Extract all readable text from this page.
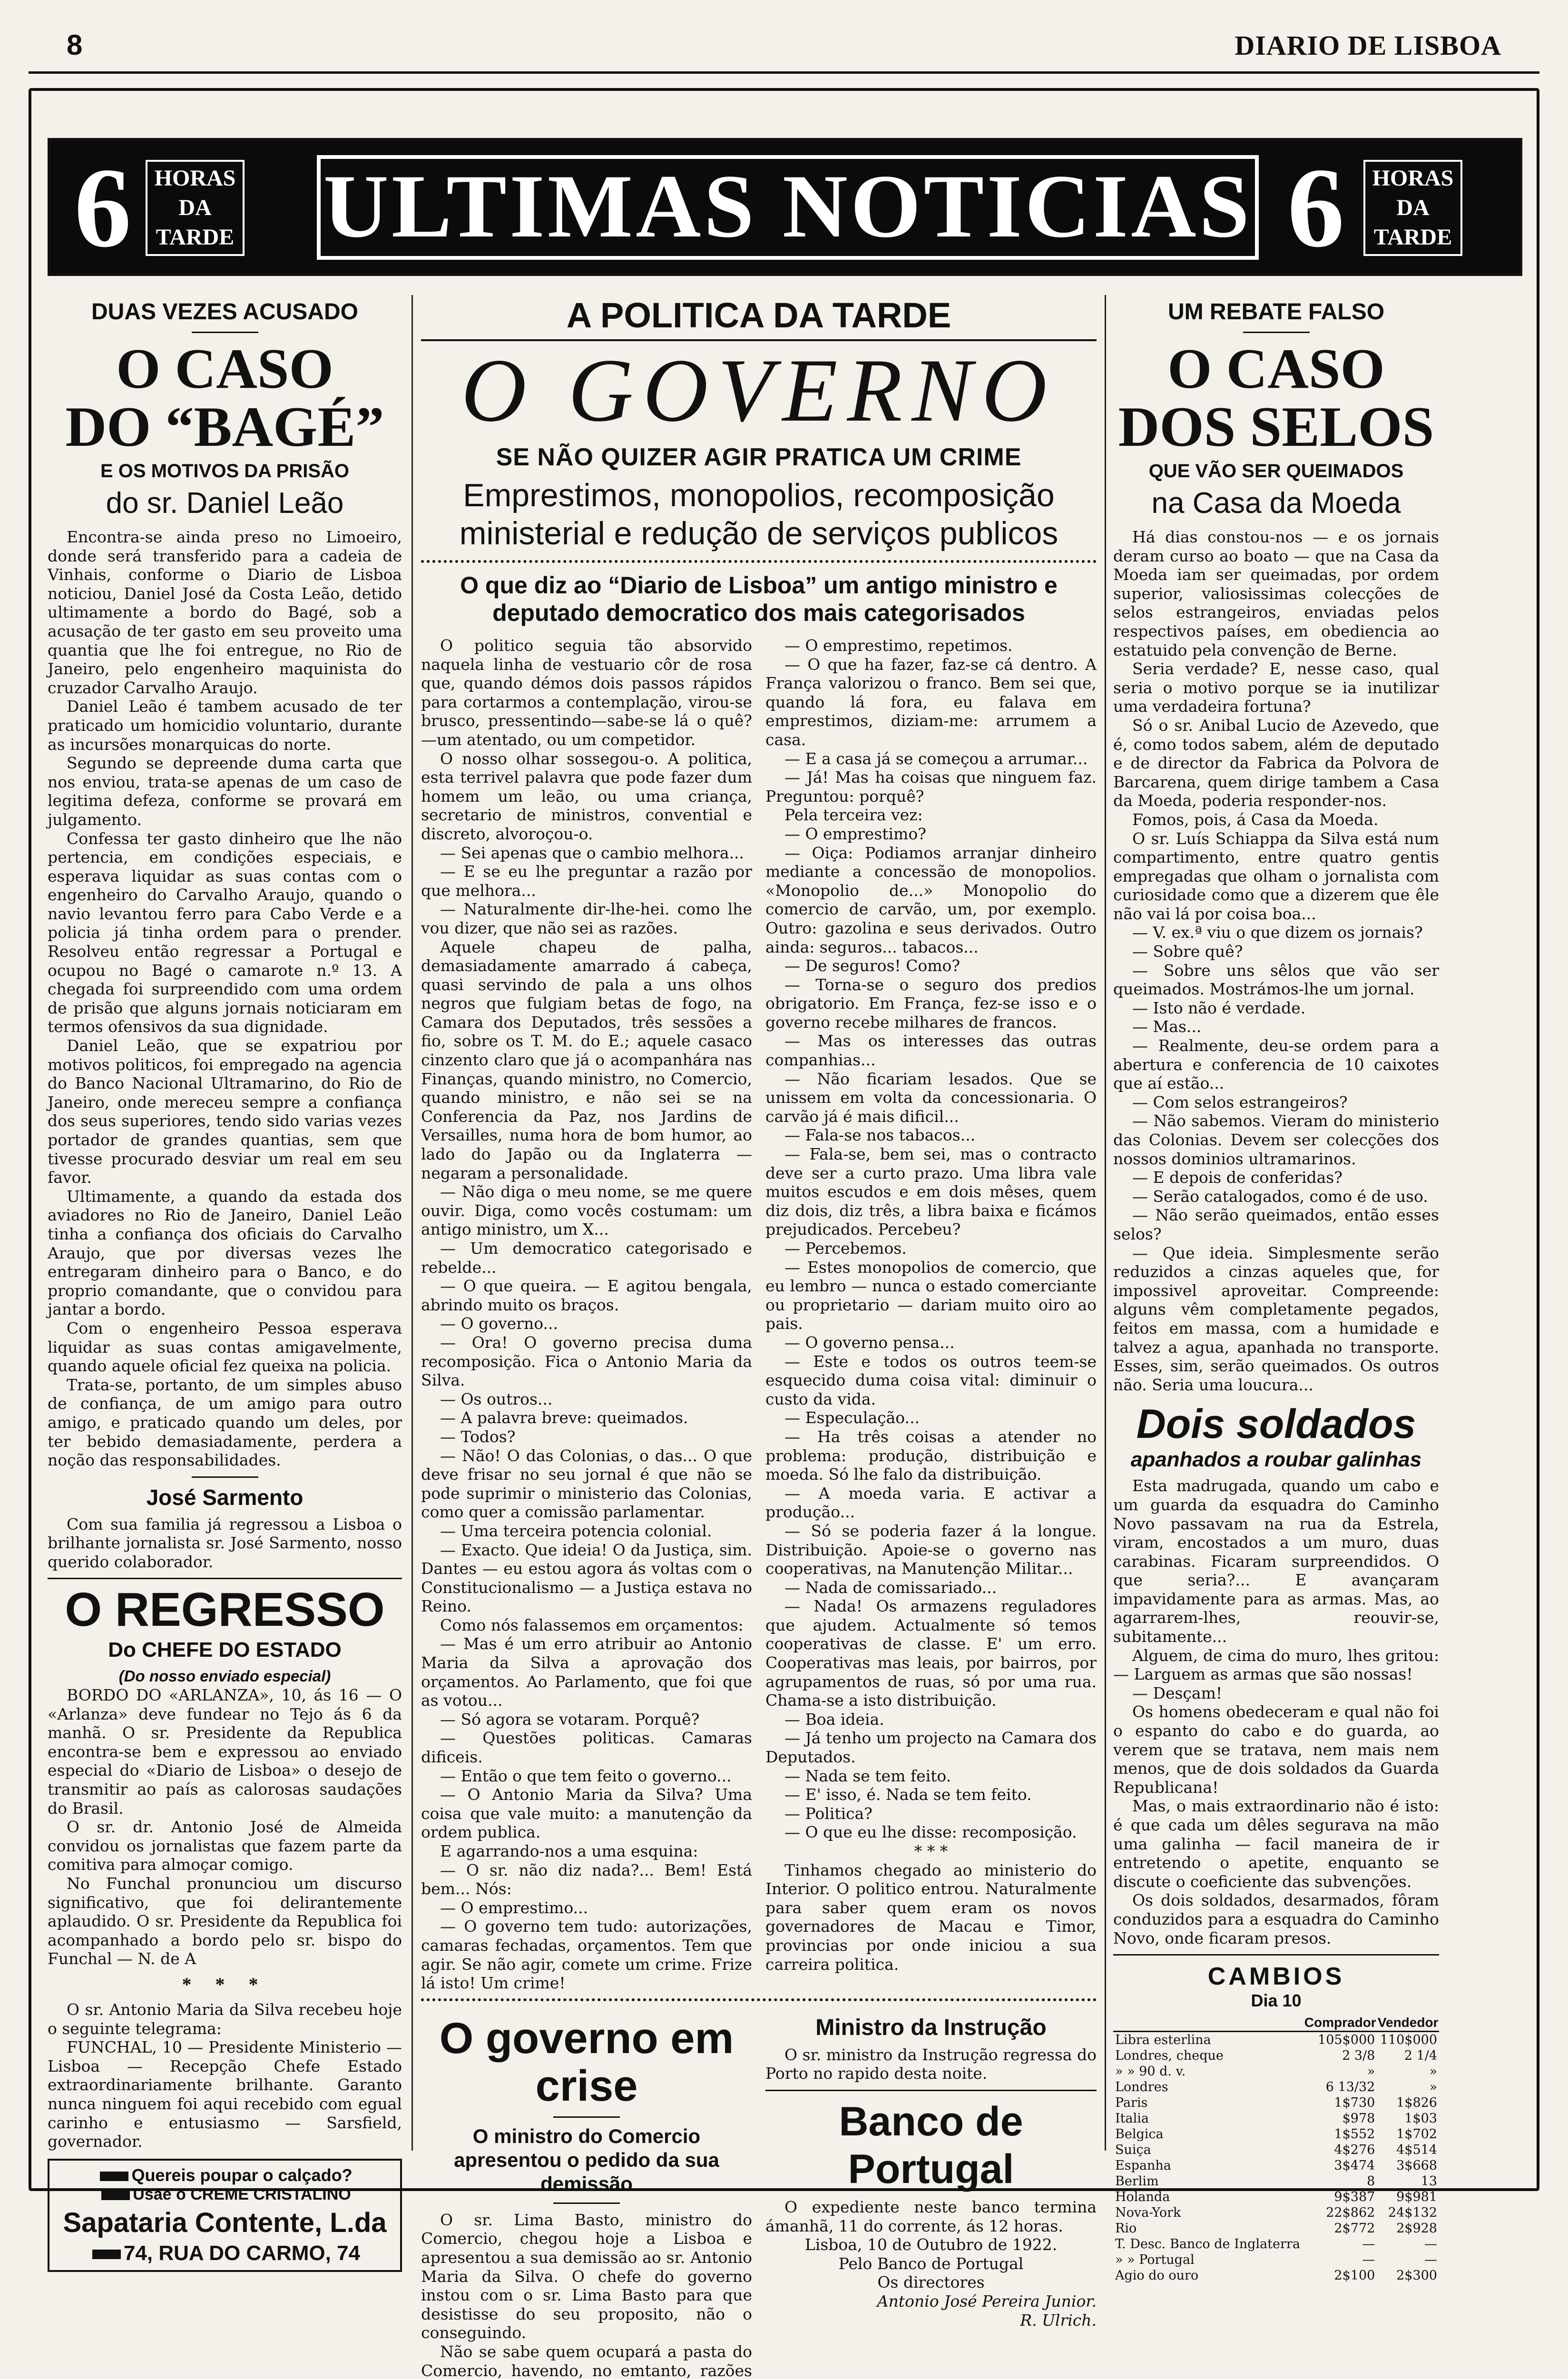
8	DIARIO DE LISBOA
6	HORAS
DA
TARDE ULTIMAS NOTICIAS 6	HORAS
DA
TARDE
DUAS VEZES ACUSADO
O CASO
DO “BAGÉ”
E OS MOTIVOS DA PRISÃO
do sr. Daniel Leão

Encontra-se ainda preso no Limoeiro, donde será transferido para a cadeia de Vinhais, conforme o Diario de Lisboa noticiou, Daniel José da Costa Leão, detido ultimamente a bordo do Bagé, sob a acusação de ter gasto em seu proveito uma quantia que lhe foi entregue, no Rio de Janeiro, pelo engenheiro maquinista do cruzador Carvalho Araujo.

Daniel Leão é tambem acusado de ter praticado um homicidio voluntario, durante as incursões monarquicas do norte.

Segundo se depreende duma carta que nos enviou, trata-se apenas de um caso de legitima defeza, conforme se provará em julgamento.

Confessa ter gasto dinheiro que lhe não pertencia, em condições especiais, e esperava liquidar as suas contas com o engenheiro do Carvalho Araujo, quando o navio levantou ferro para Cabo Verde e a policia já tinha ordem para o prender. Resolveu então regressar a Portugal e ocupou no Bagé o camarote n.º 13. A chegada foi surpreendido com uma ordem de prisão que alguns jornais noticiaram em termos ofensivos da sua dignidade.

Daniel Leão, que se expatriou por motivos politicos, foi empregado na agencia do Banco Nacional Ultramarino, do Rio de Janeiro, onde mereceu sempre a confiança dos seus superiores, tendo sido varias vezes portador de grandes quantias, sem que tivesse procurado desviar um real em seu favor.

Ultimamente, a quando da estada dos aviadores no Rio de Janeiro, Daniel Leão tinha a confiança dos oficiais do Carvalho Araujo, que por diversas vezes lhe entregaram dinheiro para o Banco, e do proprio comandante, que o convidou para jantar a bordo.

Com o engenheiro Pessoa esperava liquidar as suas contas amigavelmente, quando aquele oficial fez queixa na policia.

Trata-se, portanto, de um simples abuso de confiança, de um amigo para outro amigo, e praticado quando um deles, por ter bebido demasiadamente, perdera a noção das responsabilidades.

José Sarmento

Com sua familia já regressou a Lisboa o brilhante jornalista sr. José Sarmento, nosso querido colaborador.

O REGRESSO
Do CHEFE DO ESTADO
(Do nosso enviado especial)

BORDO DO «ARLANZA», 10, ás 16 — O «Arlanza» deve fundear no Tejo ás 6 da manhã. O sr. Presidente da Republica encontra-se bem e expressou ao enviado especial do «Diario de Lisboa» o desejo de transmitir ao país as calorosas saudações do Brasil.

O sr. dr. Antonio José de Almeida convidou os jornalistas que fazem parte da comitiva para almoçar comigo.

No Funchal pronunciou um discurso significativo, que foi delirantemente aplaudido. O sr. Presidente da Republica foi acompanhado a bordo pelo sr. bispo do Funchal — N. de A

* * *

O sr. Antonio Maria da Silva recebeu hoje o seguinte telegrama:

FUNCHAL, 10 — Presidente Ministerio — Lisboa — Recepção Chefe Estado extraordinariamente brilhante. Garanto nunca ninguem foi aqui recebido com egual carinho e entusiasmo — Sarsfield, governador.

Quereis poupar o calçado?
Usae o CREME CRISTALINO
Sapataria Contente, L.da
74, RUA DO CARMO, 74
A POLITICA DA TARDE
O GOVERNO
SE NÃO QUIZER AGIR PRATICA UM CRIME
Emprestimos, monopolios, recomposição ministerial e redução de serviços publicos
O que diz ao “Diario de Lisboa” um antigo ministro e deputado democratico dos mais categorisados

O politico seguia tão absorvido naquela linha de vestuario côr de rosa que, quando démos dois passos rápidos para cortarmos a contemplação, virou-se brusco, pressentindo—sabe-se lá o quê?—um atentado, ou um competidor.

O nosso olhar sossegou-o. A politica, esta terrivel palavra que pode fazer dum homem um leão, ou uma criança, secretario de ministros, convential e discreto, alvoroçou-o.

— Sei apenas que o cambio melhora...

— E se eu lhe preguntar a razão por que melhora...

— Naturalmente dir-lhe-hei. como lhe vou dizer, que não sei as razões.

Aquele chapeu de palha, demasiadamente amarrado á cabeça, quasi servindo de pala a uns olhos negros que fulgiam betas de fogo, na Camara dos Deputados, três sessões a fio, sobre os T. M. do E.; aquele casaco cinzento claro que já o acompanhára nas Finanças, quando ministro, no Comercio, quando ministro, e não sei se na Conferencia da Paz, nos Jardins de Versailles, numa hora de bom humor, ao lado do Japão ou da Inglaterra — negaram a personalidade.

— Não diga o meu nome, se me quere ouvir. Diga, como vocês costumam: um antigo ministro, um X...

— Um democratico categorisado e rebelde...

— O que queira. — E agitou bengala, abrindo muito os braços.

— O governo...

— Ora! O governo precisa duma recomposição. Fica o Antonio Maria da Silva.

— Os outros...

— A palavra breve: queimados.

— Todos?

— Não! O das Colonias, o das... O que deve frisar no seu jornal é que não se pode suprimir o ministerio das Colonias, como quer a comissão parlamentar.

— Uma terceira potencia colonial.

— Exacto. Que ideia! O da Justiça, sim. Dantes — eu estou agora ás voltas com o Constitucionalismo — a Justiça estava no Reino.

Como nós falassemos em orçamentos:

— Mas é um erro atribuir ao Antonio Maria da Silva a aprovação dos orçamentos. Ao Parlamento, que foi que as votou...

— Só agora se votaram. Porquê?

— Questões politicas. Camaras dificeis.

— Então o que tem feito o governo...

— O Antonio Maria da Silva? Uma coisa que vale muito: a manutenção da ordem publica.

E agarrando-nos a uma esquina:

— O sr. não diz nada?... Bem! Está bem... Nós:

— O emprestimo...

— O governo tem tudo: autorizações, camaras fechadas, orçamentos. Tem que agir. Se não agir, comete um crime. Frize lá isto! Um crime!

— O emprestimo, repetimos.

— O que ha fazer, faz-se cá dentro. A França valorizou o franco. Bem sei que, quando lá fora, eu falava em emprestimos, diziam-me: arrumem a casa.

— E a casa já se começou a arrumar...

— Já! Mas ha coisas que ninguem faz. Preguntou: porquê?

Pela terceira vez:

— O emprestimo?

— Oiça: Podiamos arranjar dinheiro mediante a concessão de monopolios. «Monopolio de...» Monopolio do comercio de carvão, um, por exemplo. Outro: gazolina e seus derivados. Outro ainda: seguros... tabacos...

— De seguros! Como?

— Torna-se o seguro dos predios obrigatorio. Em França, fez-se isso e o governo recebe milhares de francos.

— Mas os interesses das outras companhias...

— Não ficariam lesados. Que se unissem em volta da concessionaria. O carvão já é mais dificil...

— Fala-se nos tabacos...

— Fala-se, bem sei, mas o contracto deve ser a curto prazo. Uma libra vale muitos escudos e em dois mêses, quem diz dois, diz três, a libra baixa e ficámos prejudicados. Percebeu?

— Percebemos.

— Estes monopolios de comercio, que eu lembro — nunca o estado comerciante ou proprietario — dariam muito oiro ao pais.

— O governo pensa...

— Este e todos os outros teem-se esquecido duma coisa vital: diminuir o custo da vida.

— Especulação...

— Ha três coisas a atender no problema: produção, distribuição e moeda. Só lhe falo da distribuição.

— A moeda varia. E activar a produção...

— Só se poderia fazer á la longue. Distribuição. Apoie-se o governo nas cooperativas, na Manutenção Militar...

— Nada de comissariado...

— Nada! Os armazens reguladores que ajudem. Actualmente só temos cooperativas de classe. E' um erro. Cooperativas mas leais, por bairros, por agrupamentos de ruas, só por uma rua. Chama-se a isto distribuição.

— Boa ideia.

— Já tenho um projecto na Camara dos Deputados.

— Nada se tem feito.

— E' isso, é. Nada se tem feito.

— Politica?

— O que eu lhe disse: recomposição.

* * *

Tinhamos chegado ao ministerio do Interior. O politico entrou. Naturalmente para saber quem eram os novos governadores de Macau e Timor, provincias por onde iniciou a sua carreira politica.

O governo em crise
O ministro do Comercio apresentou o pedido da sua demissão

O sr. Lima Basto, ministro do Comercio, chegou hoje a Lisboa e apresentou a sua demissão ao sr. Antonio Maria da Silva. O chefe do governo instou com o sr. Lima Basto para que desistisse do seu proposito, não o conseguindo.

Não se sabe quem ocupará a pasta do Comercio, havendo, no emtanto, razões

Ministro da Instrução

O sr. ministro da Instrução regressa do Porto no rapido desta noite.

Banco de Portugal

O expediente neste banco termina ámanhã, 11 do corrente, ás 12 horas.

Lisboa, 10 de Outubro de 1922.

Pelo Banco de Portugal

Os directores

Antonio José Pereira Junior.

R. Ulrich.

UM REBATE FALSO
O CASO
DOS SELOS
QUE VÃO SER QUEIMADOS
na Casa da Moeda

Há dias constou-nos — e os jornais deram curso ao boato — que na Casa da Moeda iam ser queimadas, por ordem superior, valiosissimas colecções de selos estrangeiros, enviadas pelos respectivos países, em obediencia ao estatuido pela convenção de Berne.

Seria verdade? E, nesse caso, qual seria o motivo porque se ia inutilizar uma verdadeira fortuna?

Só o sr. Anibal Lucio de Azevedo, que é, como todos sabem, além de deputado e de director da Fabrica da Polvora de Barcarena, quem dirige tambem a Casa da Moeda, poderia responder-nos.

Fomos, pois, á Casa da Moeda.

O sr. Luís Schiappa da Silva está num compartimento, entre quatro gentis empregadas que olham o jornalista com curiosidade como que a dizerem que êle não vai lá por coisa boa...

— V. ex.ª viu o que dizem os jornais?

— Sobre quê?

— Sobre uns sêlos que vão ser queimados. Mostrámos-lhe um jornal.

— Isto não é verdade.

— Mas...

— Realmente, deu-se ordem para a abertura e conferencia de 10 caixotes que aí estão...

— Com selos estrangeiros?

— Não sabemos. Vieram do ministerio das Colonias. Devem ser colecções dos nossos dominios ultramarinos.

— E depois de conferidas?

— Serão catalogados, como é de uso.

— Não serão queimados, então esses selos?

— Que ideia. Simplesmente serão reduzidos a cinzas aqueles que, for impossivel aproveitar. Compreende: alguns vêm completamente pegados, feitos em massa, com a humidade e talvez a agua, apanhada no transporte. Esses, sim, serão queimados. Os outros não. Seria uma loucura...

Dois soldados
apanhados a roubar galinhas

Esta madrugada, quando um cabo e um guarda da esquadra do Caminho Novo passavam na rua da Estrela, viram, encostados a um muro, duas carabinas. Ficaram surpreendidos. O que seria?... E avançaram impavidamente para as armas. Mas, ao agarrarem-lhes, reouvir-se, subitamente...

Alguem, de cima do muro, lhes gritou: — Larguem as armas que são nossas!

— Desçam!

Os homens obedeceram e qual não foi o espanto do cabo e do guarda, ao verem que se tratava, nem mais nem menos, que de dois soldados da Guarda Republicana!

Mas, o mais extraordinario não é isto: é que cada um dêles segurava na mão uma galinha — facil maneira de ir entretendo o apetite, enquanto se discute o coeficiente das subvenções.

Os dois soldados, desarmados, fôram conduzidos para a esquadra do Caminho Novo, onde ficaram presos.

CAMBIOS
Dia 10
	Comprador	Vendedor
Libra esterlina	105$000	110$000
Londres, cheque	2 3/8	2 1/4
» » 90 d. v.	»	»
Londres	6 13/32	»
Paris	1$730	1$826
Italia	$978	1$03
Belgica	1$552	1$702
Suiça	4$276	4$514
Espanha	3$474	3$668
Berlim	8	13
Holanda	9$387	9$981
Nova-York	22$862	24$132
Rio	2$772	2$928
T. Desc. Banco de Inglaterra	—	—
» » Portugal	—	—
Agio do ouro	2$100	2$300
